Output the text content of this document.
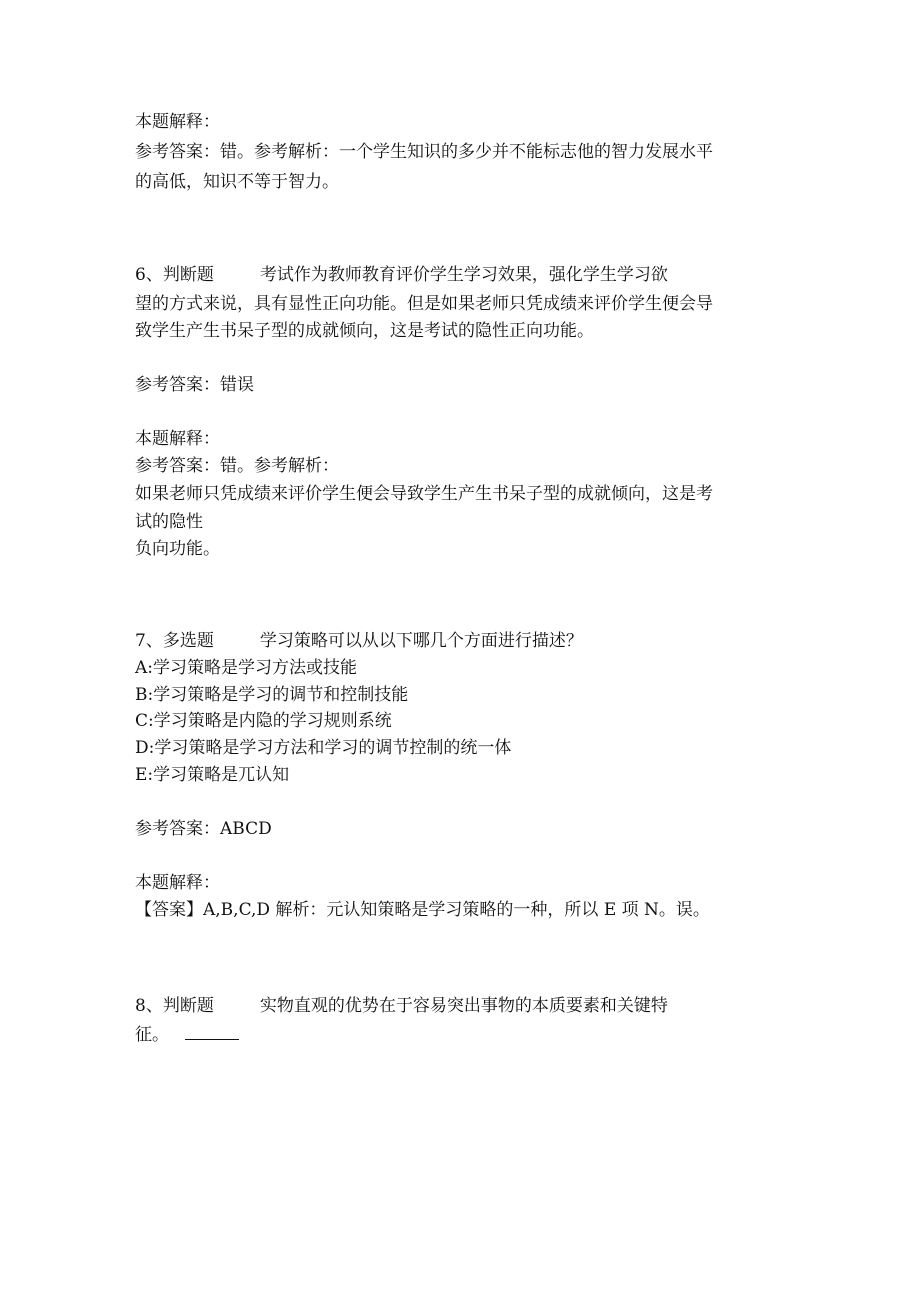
本题解释：
参考答案：错。参考解析：一个学生知识的多少并不能标志他的智力发展水平
的高低，知识不等于智力。
6、判断题	考试作为教师教育评价学生学习效果，强化学生学习欲
望的方式来说，具有显性正向功能。但是如果老师只凭成绩来评价学生便会导
致学生产生书呆子型的成就倾向，这是考试的隐性正向功能。
参考答案：错误
本题解释：
参考答案：错。参考解析：
如果老师只凭成绩来评价学生便会导致学生产生书呆子型的成就倾向，这是考
试的隐性
负向功能。
7、多选题	学习策略可以从以下哪几个方面进行描述？
A:学习策略是学习方法或技能
B:学习策略是学习的调节和控制技能
C:学习策略是内隐的学习规则系统
D:学习策略是学习方法和学习的调节控制的统一体
E:学习策略是兀认知
参考答案：ABCD
本题解释：
【答案】A,B,C,D 解析：元认知策略是学习策略的一种，所以 E 项 N。误。
8、判断题	实物直观的优势在于容易突出事物的本质要素和关键特
征。
